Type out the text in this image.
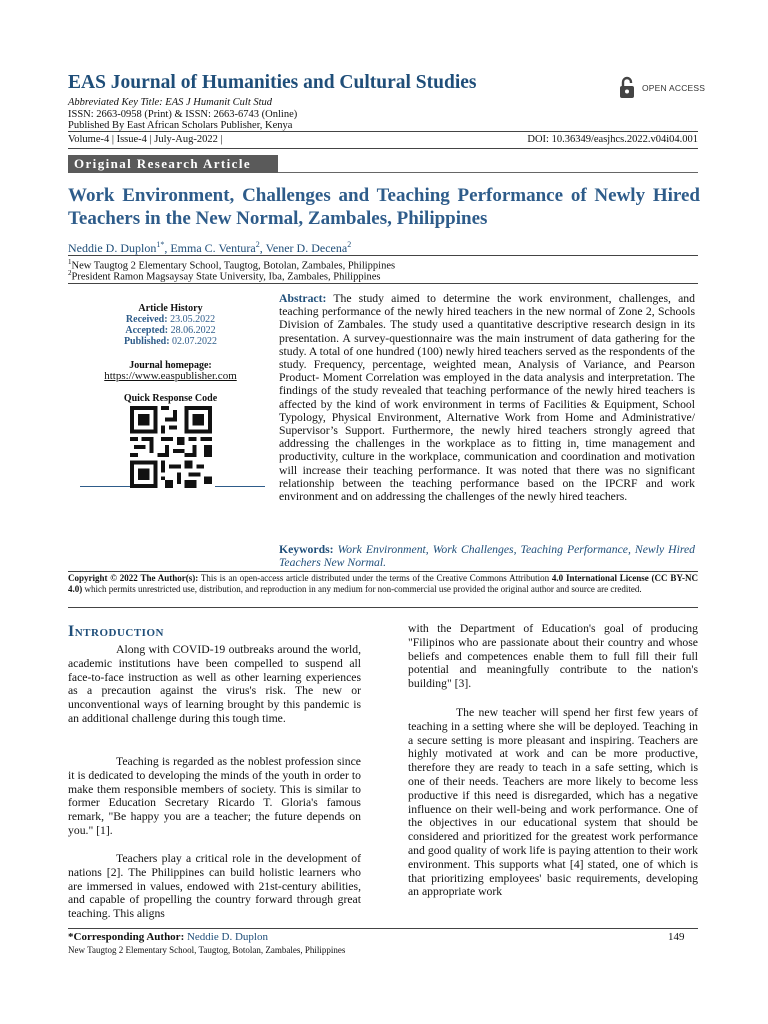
EAS Journal of Humanities and Cultural Studies
Abbreviated Key Title: EAS J Humanit Cult Stud
ISSN: 2663-0958 (Print) & ISSN: 2663-6743 (Online)
Published By East African Scholars Publisher, Kenya
OPEN ACCESS
Volume-4 | Issue-4 | July-Aug-2022 |	DOI: 10.36349/easjhcs.2022.v04i04.001
Original Research Article
Work Environment, Challenges and Teaching Performance of Newly Hired Teachers in the New Normal, Zambales, Philippines
Neddie D. Duplon$^{1*}$, Emma C. Ventura$^2$, Vener D. Decena$^2$
$^1$New Taugtog 2 Elementary School, Taugtog, Botolan, Zambales, Philippines
$^2$President Ramon Magsaysay State University, Iba, Zambales, Philippines
Article History
Received: 23.05.2022
Accepted: 28.06.2022
Published: 02.07.2022
Journal homepage:
https://www.easpublisher.com
Quick Response Code
Abstract: The study aimed to determine the work environment, challenges, and teaching performance of the newly hired teachers in the new normal of Zone 2, Schools Division of Zambales. The study used a quantitative descriptive research design in its presentation. A survey-questionnaire was the main instrument of data gathering for the study. A total of one hundred (100) newly hired teachers served as the respondents of the study. Frequency, percentage, weighted mean, Analysis of Variance, and Pearson Product- Moment Correlation was employed in the data analysis and interpretation. The findings of the study revealed that teaching performance of the newly hired teachers is affected by the kind of work environment in terms of Facilities & Equipment, School Typology, Physical Environment, Alternative Work from Home and Administrative/ Supervisor’s Support. Furthermore, the newly hired teachers strongly agreed that addressing the challenges in the workplace as to fitting in, time management and productivity, culture in the workplace, communication and coordination and motivation will increase their teaching performance. It was noted that there was no significant relationship between the teaching performance based on the IPCRF and work environment and on addressing the challenges of the newly hired teachers.
Keywords: Work Environment, Work Challenges, Teaching Performance, Newly Hired Teachers New Normal.
Copyright © 2022 The Author(s): This is an open-access article distributed under the terms of the Creative Commons Attribution 4.0 International License (CC BY-NC 4.0) which permits unrestricted use, distribution, and reproduction in any medium for non-commercial use provided the original author and source are credited.
Introduction
Along with COVID-19 outbreaks around the world, academic institutions have been compelled to suspend all face-to-face instruction as well as other learning experiences as a precaution against the virus's risk. The new or unconventional ways of learning brought by this pandemic is an additional challenge during this tough time.
Teaching is regarded as the noblest profession since it is dedicated to developing the minds of the youth in order to make them responsible members of society. This is similar to former Education Secretary Ricardo T. Gloria's famous remark, "Be happy you are a teacher; the future depends on you." [1].
Teachers play a critical role in the development of nations [2]. The Philippines can build holistic learners who are immersed in values, endowed with 21st-century abilities, and capable of propelling the country forward through great teaching. This aligns
with the Department of Education's goal of producing "Filipinos who are passionate about their country and whose beliefs and competences enable them to full fill their full potential and meaningfully contribute to the nation's building" [3].
The new teacher will spend her first few years of teaching in a setting where she will be deployed. Teaching in a secure setting is more pleasant and inspiring. Teachers are highly motivated at work and can be more productive, therefore they are ready to teach in a safe setting, which is one of their needs. Teachers are more likely to become less productive if this need is disregarded, which has a negative influence on their well-being and work performance. One of the objectives in our educational system that should be considered and prioritized for the greatest work performance and good quality of work life is paying attention to their work environment. This supports what [4] stated, one of which is that prioritizing employees' basic requirements, developing an appropriate work
*Corresponding Author: Neddie D. Duplon	149
New Taugtog 2 Elementary School, Taugtog, Botolan, Zambales, Philippines
